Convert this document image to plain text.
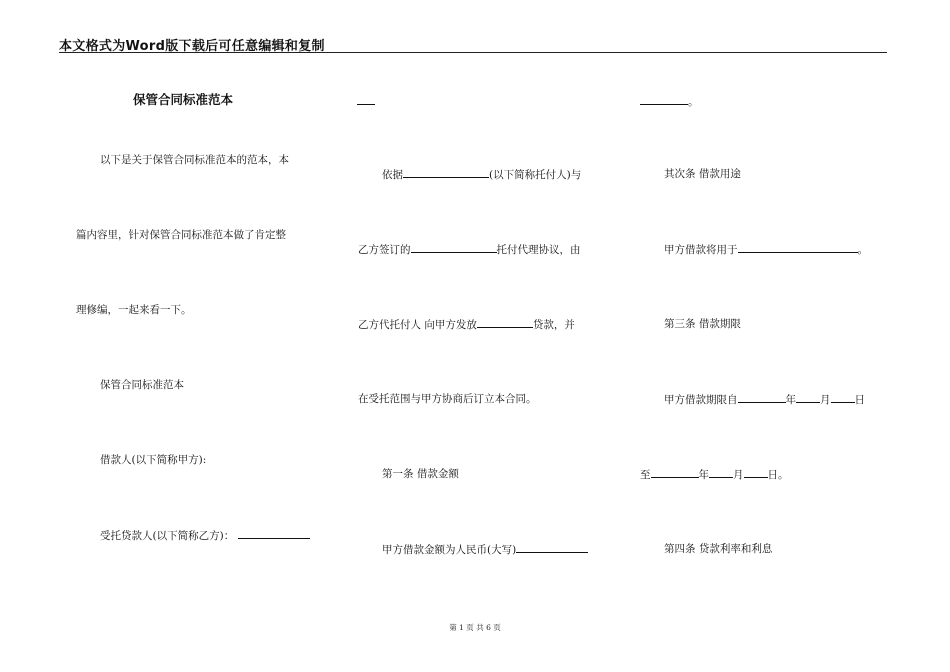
本文格式为Word版下载后可任意编辑和复制
保管合同标准范本
以下是关于保管合同标准范本的范本，本
篇内容里，针对保管合同标准范本做了肯定整
理修编，一起来看一下。
保管合同标准范本
借款人(以下简称甲方):
受托贷款人(以下简称乙方)：
依据	(以下简称托付人)与
乙方签订的	托付代理协议，由
乙方代托付人 向甲方发放	贷款，并
在受托范围与甲方协商后订立本合同。
第一条 借款金额
甲方借款金额为人民币(大写)
。
其次条 借款用途
甲方借款将用于	。
第三条 借款期限
甲方借款期限自	年 月 日
至	年 月 日。
第四条 贷款利率和利息
第 1 页 共 6 页
